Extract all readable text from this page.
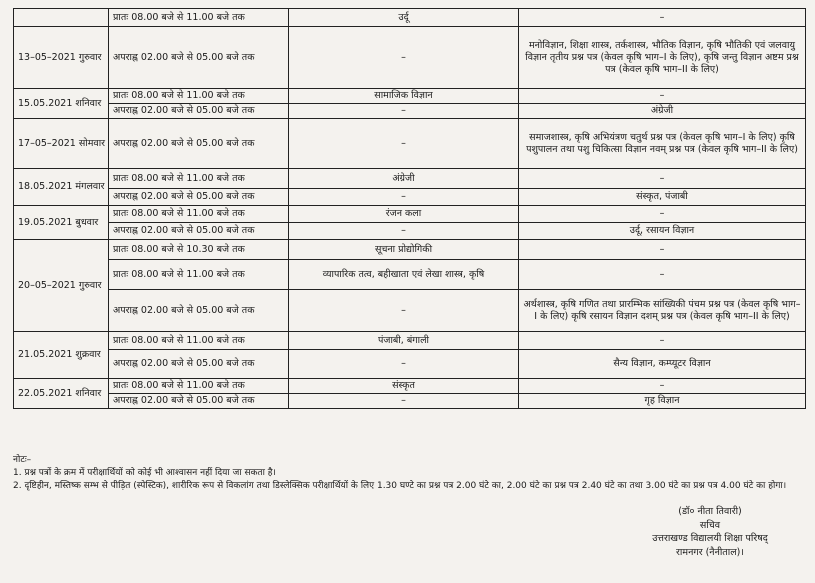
	प्रातः 08.00 बजे से 11.00 बजे तक	उर्दू	–
13–05–2021 गुरुवार	अपराह्न 02.00 बजे से 05.00 बजे तक	–	मनोविज्ञान, शिक्षा शास्त्र, तर्कशास्त्र, भौतिक विज्ञान, कृषि भौतिकी एवं जलवायु विज्ञान तृतीय प्रश्न पत्र (केवल कृषि भाग–I के लिए), कृषि जन्तु विज्ञान अष्टम प्रश्न पत्र (केवल कृषि भाग–II के लिए)
15.05.2021 शनिवार	प्रातः 08.00 बजे से 11.00 बजे तक	सामाजिक विज्ञान	–
	अपराह्न 02.00 बजे से 05.00 बजे तक	–	अंग्रेजी
17–05–2021 सोमवार	अपराह्न 02.00 बजे से 05.00 बजे तक	–	समाजशास्त्र, कृषि अभियंत्रण चतुर्थ प्रश्न पत्र (केवल कृषि भाग–I के लिए) कृषि पशुपालन तथा पशु चिकित्सा विज्ञान नवम् प्रश्न पत्र (केवल कृषि भाग–II के लिए)
18.05.2021 मंगलवार	प्रातः 08.00 बजे से 11.00 बजे तक	अंग्रेजी	–
	अपराह्न 02.00 बजे से 05.00 बजे तक	–	संस्कृत, पंजाबी
19.05.2021 बुधवार	प्रातः 08.00 बजे से 11.00 बजे तक	रंजन कला	–
	अपराह्न 02.00 बजे से 05.00 बजे तक	–	उर्दू, रसायन विज्ञान
20–05–2021 गुरुवार	प्रातः 08.00 बजे से 10.30 बजे तक	सूचना प्रोद्योगिकी	–
	प्रातः 08.00 बजे से 11.00 बजे तक	व्यापारिक तत्व, बहीखाता एवं लेखा शास्त्र, कृषि	–
	अपराह्न 02.00 बजे से 05.00 बजे तक	–	अर्थशास्त्र, कृषि गणित तथा प्रारम्भिक सांख्यिकी पंचम प्रश्न पत्र (केवल कृषि भाग–I के लिए) कृषि रसायन विज्ञान दशम् प्रश्न पत्र (केवल कृषि भाग–II के लिए)
21.05.2021 शुक्रवार	प्रातः 08.00 बजे से 11.00 बजे तक	पंजाबी, बंगाली	–
	अपराह्न 02.00 बजे से 05.00 बजे तक	–	सैन्य विज्ञान, कम्प्यूटर विज्ञान
22.05.2021 शनिवार	प्रातः 08.00 बजे से 11.00 बजे तक	संस्कृत	–
	अपराह्न 02.00 बजे से 05.00 बजे तक	–	गृह विज्ञान

नोटः–

1. प्रश्न पत्रों के क्रम में परीक्षार्थियों को कोई भी आश्वासन नहीं दिया जा सकता है।

2. दृष्टिहीन, मस्तिष्क सम्भ से पीड़ित (स्पेस्टिक), शारीरिक रूप से विकलांग तथा डिस्लेक्सिक परीक्षार्थियों के लिए 1.30 घण्टे का प्रश्न पत्र 2.00 घंटे का, 2.00 घंटे का प्रश्न पत्र 2.40 घंटे का तथा 3.00 घंटे का प्रश्न पत्र 4.00 घंटे का होगा।

(डॉ० नीता तिवारी)
सचिव
उत्तराखण्ड विद्यालयी शिक्षा परिषद्
रामनगर (नैनीताल)।
